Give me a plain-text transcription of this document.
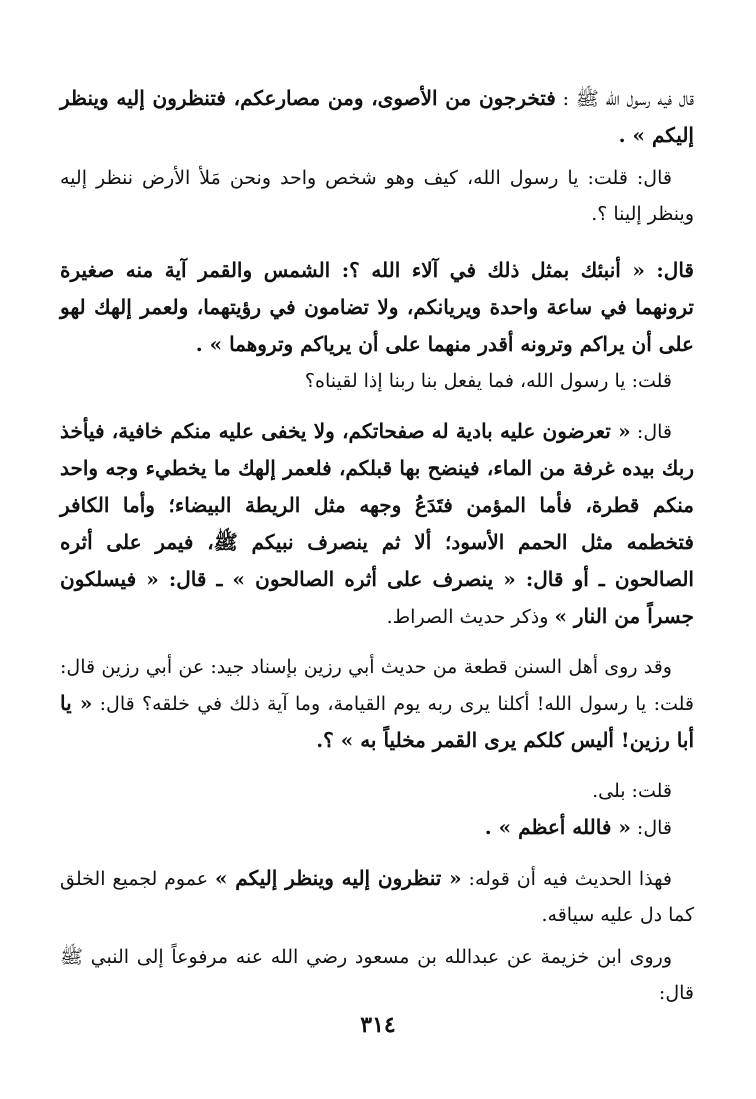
قال فيه رسول الله ﷺ : فتخرجون من الأصوى، ومن مصارعكم، فتنظرون إليه وينظر إليكم » .

قال: قلت: يا رسول الله، كيف وهو شخص واحد ونحن مَلأ الأرض ننظر إليه وينظر إلينا ؟.

قال: « أنبئك بمثل ذلك في آلاء الله ؟: الشمس والقمر آية منه صغيرة ترونهما في ساعة واحدة ويريانكم، ولا تضامون في رؤيتهما، ولعمر إلهك لهو على أن يراكم وترونه أقدر منهما على أن يرياكم وتروهما » .

قلت: يا رسول الله، فما يفعل بنا ربنا إذا لقيناه؟

قال: « تعرضون عليه بادية له صفحاتكم، ولا يخفى عليه منكم خافية، فيأخذ ربك بيده غرفة من الماء، فينضح بها قبلكم، فلعمر إلهك ما يخطيء وجه واحد منكم قطرة، فأما المؤمن فتَدَعُ وجهه مثل الريطة البيضاء؛ وأما الكافر فتخطمه مثل الحمم الأسود؛ ألا ثم ينصرف نبيكم ﷺ، فيمر على أثره الصالحون ـ أو قال: « ينصرف على أثره الصالحون » ـ قال: « فيسلكون جسراً من النار » وذكر حديث الصراط.

وقد روى أهل السنن قطعة من حديث أبي رزين بإسناد جيد: عن أبي رزين قال: قلت: يا رسول الله! أكلنا يرى ربه يوم القيامة، وما آية ذلك في خلقه؟ قال: « يا أبا رزين! أليس كلكم يرى القمر مخلياً به » ؟.

قلت: بلى.

قال: « فالله أعظم » .

فهذا الحديث فيه أن قوله: « تنظرون إليه وينظر إليكم » عموم لجميع الخلق كما دل عليه سياقه.

وروى ابن خزيمة عن عبدالله بن مسعود رضي الله عنه مرفوعاً إلى النبي ﷺ قال:

٣١٤
